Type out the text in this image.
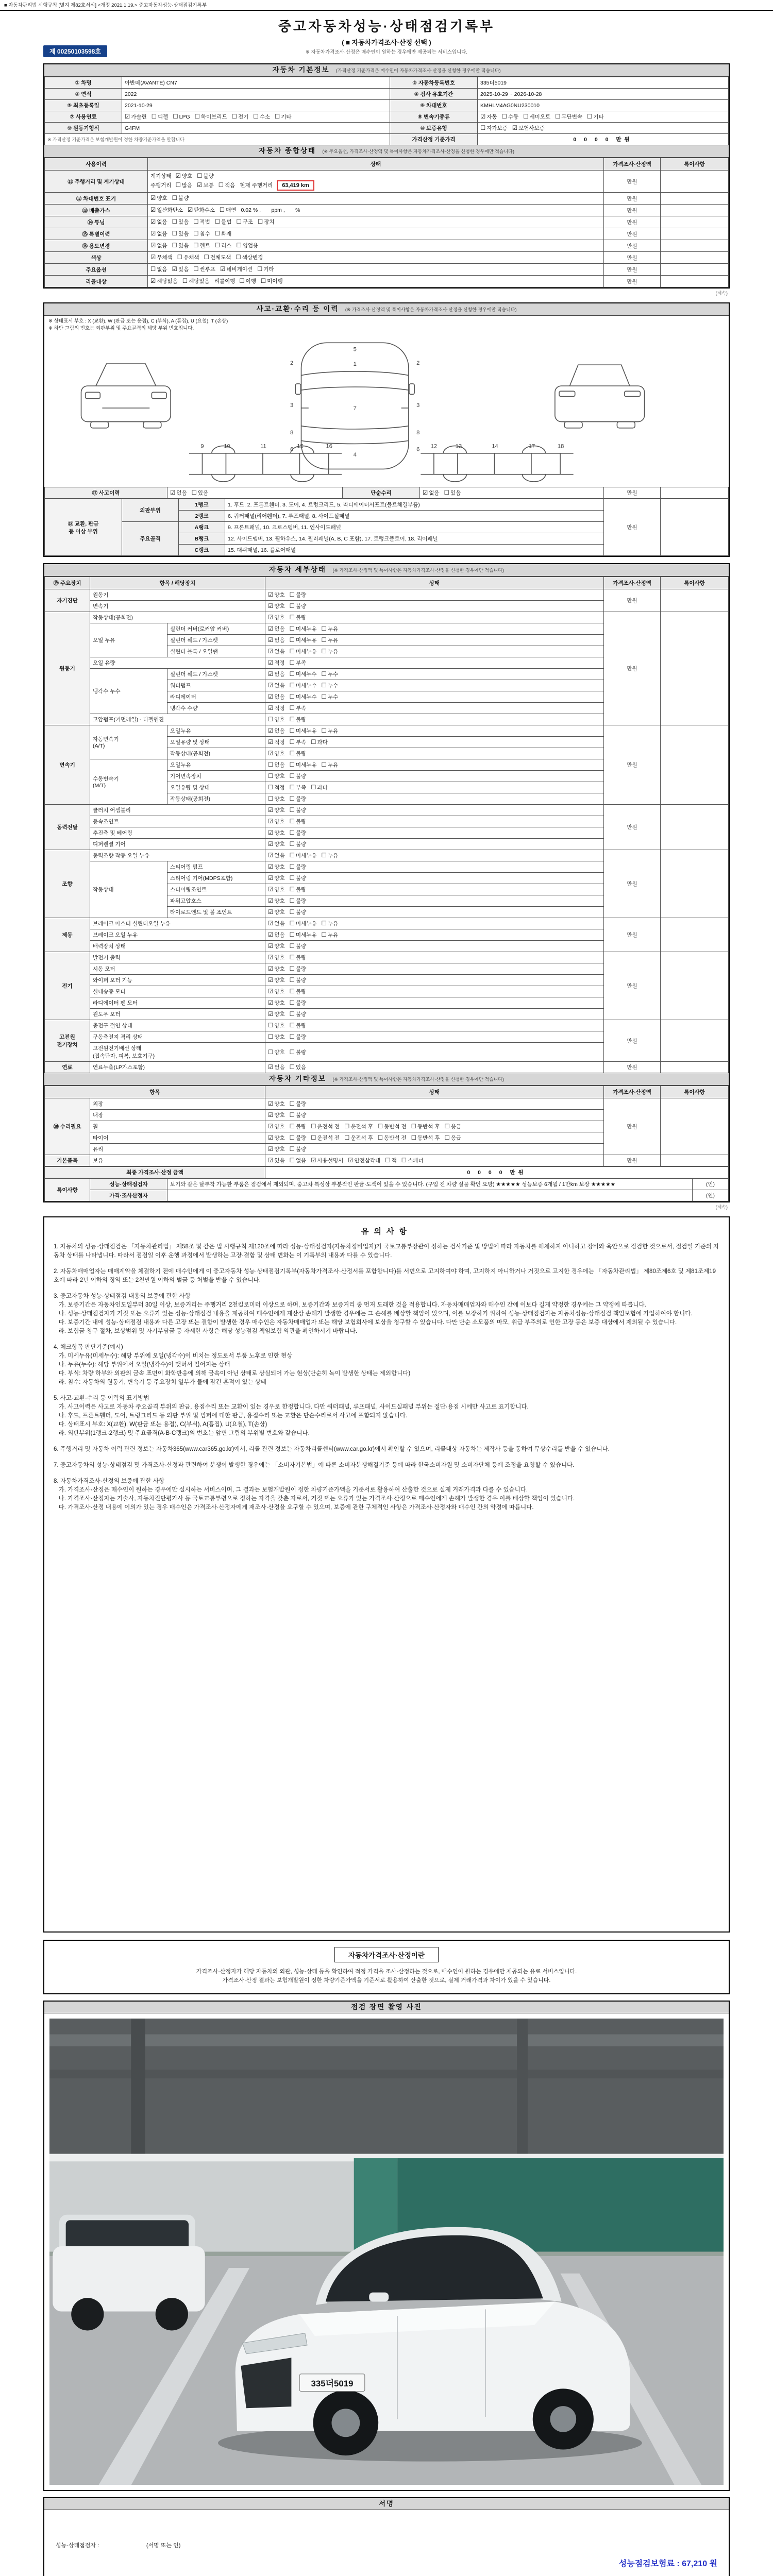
■ 자동차관리법 시행규칙 [별지 제82호서식] <개정 2021.1.19.> 중고자동차성능·상태점검기록부
중고자동차성능·상태점검기록부
( ■ 자동차가격조사·산정 선택 )
※ 자동차가격조사·산정은 매수인이 원하는 경우에만 제공되는 서비스입니다.
제 00250103598호
자동차 기본정보 (가격산정 기준가격은 매수인이 자동차가격조사·산정을 신청한 경우에만 적습니다)
① 차명	아반떼(AVANTE) CN7	② 자동차등록번호	335더5019
③ 연식	2022	④ 검사 유효기간	2025-10-29 ~ 2026-10-28
⑤ 최초등록일	2021-10-29	⑥ 차대번호	KMHLM4AG0NU230010
⑦ 사용연료	☑ 가솔린 ☐ 디젤 ☐ LPG ☐ 하이브리드 ☐ 전기 ☐ 수소 ☐ 기타	⑧ 변속기종류	☑ 자동 ☐ 수동 ☐ 세미오토 ☐ 무단변속 ☐ 기타
⑨ 원동기형식	G4FM	⑩ 보증유형	☐ 자가보증 ☑ 보험사보증
※ 가격산정 기준가격은 보험개발원이 정한 차량기준가액을 말합니다		가격산정 기준가격	0 0 0 0 만원
자동차 종합상태 (※ 주요옵션, 가격조사·산정액 및 특이사항은 자동차가격조사·산정을 신청한 경우에만 적습니다)
사용이력	상태	가격조사·산정액	특이사항
⑪ 주행거리 및 계기상태	계기상태 ☑ 양호 ☐ 불량
주행거리 ☐ 많음 ☑ 보통 ☐ 적음 현재 주행거리 63,419 km	만원	
⑫ 차대번호 표기	☑ 양호 ☐ 불량	만원	
⑬ 배출가스	☑ 일산화탄소 ☑ 탄화수소 ☐ 매연 0.02 % ,       ppm ,       %	만원	
⑭ 튜닝	☑ 없음 ☐ 있음 ☐ 적법 ☐ 불법 ☐ 구조 ☐ 장치	만원	
⑮ 특별이력	☑ 없음 ☐ 있음 ☐ 침수 ☐ 화재	만원	
⑯ 용도변경	☑ 없음 ☐ 있음 ☐ 렌트 ☐ 리스 ☐ 영업용	만원	
색상	☑ 무채색 ☐ 유채색 ☐ 전체도색 ☐ 색상변경	만원	
주요옵션	☐ 없음 ☑ 있음 ☐ 썬루프 ☑ 네비게이션 ☐ 기타	만원	
리콜대상	☑ 해당없음 ☐ 해당있음 리콜이행 ☐ 이행 ☐ 미이행	만원	
(계속)
사고·교환·수리 등 이력 (※ 가격조사·산정액 및 특이사항은 자동차가격조사·산정을 신청한 경우에만 적습니다)
※ 상태표시 부호 : X (교환), W (판금 또는 용접), C (부식), A (흠집), U (요철), T (손상)
※ 하단 그림의 번호는 외판부위 및 주요골격의 해당 부위 번호입니다.
5
1
2	2
3	3
7
8	8
6	6
4
9	10	11	15	16	12	13	14	17	18
⑰ 사고이력	☑ 없음 ☐ 있음	단순수리	☑ 없음 ☐ 있음	만원	
⑱ 교환, 판금
등 이상 부위	외판부위	1랭크	1. 후드, 2. 프론트휀더, 3. 도어, 4. 트렁크리드, 5. 라디에이터서포트(볼트체결부품)	만원	
		2랭크	6. 쿼터패널(리어휀더), 7. 루프패널, 8. 사이드실패널		
	주요골격	A랭크	9. 프론트패널, 10. 크로스멤버, 11. 인사이드패널		
		B랭크	12. 사이드멤버, 13. 휠하우스, 14. 필러패널(A, B, C 포함), 17. 트렁크플로어, 18. 리어패널		
		C랭크	15. 대쉬패널, 16. 플로어패널		
자동차 세부상태 (※ 가격조사·산정액 및 특이사항은 자동차가격조사·산정을 신청한 경우에만 적습니다)
⑲ 주요장치	항목 / 해당장치		상태	가격조사·산정액	특이사항
자기진단	원동기		☑ 양호 ☐ 불량	만원	
	변속기		☑ 양호 ☐ 불량		
원동기	작동상태(공회전)		☑ 양호 ☐ 불량	만원	
	오일 누유	실린더 커버(로커암 커버)	☑ 없음 ☐ 미세누유 ☐ 누유		
		실린더 헤드 / 가스켓	☑ 없음 ☐ 미세누유 ☐ 누유		
		실린더 블록 / 오일팬	☑ 없음 ☐ 미세누유 ☐ 누유		
	오일 유량		☑ 적정 ☐ 부족		
	냉각수 누수	실린더 헤드 / 가스켓	☑ 없음 ☐ 미세누수 ☐ 누수		
		워터펌프	☑ 없음 ☐ 미세누수 ☐ 누수		
		라디에이터	☑ 없음 ☐ 미세누수 ☐ 누수		
		냉각수 수량	☑ 적정 ☐ 부족		
	고압펌프(커먼레일) - 디젤엔진		☐ 양호 ☐ 불량		
변속기	자동변속기
(A/T)	오일누유	☑ 없음 ☐ 미세누유 ☐ 누유	만원	
		오일유량 및 상태	☑ 적정 ☐ 부족 ☐ 과다		
		작동상태(공회전)	☑ 양호 ☐ 불량		
	수동변속기
(M/T)	오일누유	☐ 없음 ☐ 미세누유 ☐ 누유		
		기어변속장치	☐ 양호 ☐ 불량		
		오일유량 및 상태	☐ 적정 ☐ 부족 ☐ 과다		
		작동상태(공회전)	☐ 양호 ☐ 불량		
동력전달	클러치 어셈블리		☑ 양호 ☐ 불량	만원	
	등속조인트		☑ 양호 ☐ 불량		
	추진축 및 베어링		☑ 양호 ☐ 불량		
	디퍼렌셜 기어		☑ 양호 ☐ 불량		
조향	동력조향 작동 오일 누유		☑ 없음 ☐ 미세누유 ☐ 누유	만원	
	작동상태	스티어링 펌프	☑ 양호 ☐ 불량		
		스티어링 기어(MDPS포함)	☑ 양호 ☐ 불량		
		스티어링조인트	☑ 양호 ☐ 불량		
		파워고압호스	☑ 양호 ☐ 불량		
		타이로드엔드 및 볼 조인트	☑ 양호 ☐ 불량		
제동	브레이크 마스터 실린더오일 누유		☑ 없음 ☐ 미세누유 ☐ 누유	만원	
	브레이크 오일 누유		☑ 없음 ☐ 미세누유 ☐ 누유		
	배력장치 상태		☑ 양호 ☐ 불량		
전기	발전기 출력		☑ 양호 ☐ 불량	만원	
	시동 모터		☑ 양호 ☐ 불량		
	와이퍼 모터 기능		☑ 양호 ☐ 불량		
	실내송풍 모터		☑ 양호 ☐ 불량		
	라디에이터 팬 모터		☑ 양호 ☐ 불량		
	윈도우 모터		☑ 양호 ☐ 불량		
고전원
전기장치	충전구 절연 상태		☐ 양호 ☐ 불량	만원	
	구동축전지 격리 상태		☐ 양호 ☐ 불량		
	고전원전기배선 상태
(접속단자, 피복, 보호기구)		☐ 양호 ☐ 불량		
연료	연료누출(LP가스포함)		☑ 없음 ☐ 있음	만원	
자동차 기타정보 (※ 가격조사·산정액 및 특이사항은 자동차가격조사·산정을 신청한 경우에만 적습니다)
항목		상태	가격조사·산정액	특이사항
⑳ 수리필요	외장	☑ 양호 ☐ 불량	만원	
	내장	☑ 양호 ☐ 불량		
	휠	☑ 양호 ☐ 불량 ☐ 운전석 전 ☐ 운전석 후 ☐ 동반석 전 ☐ 동반석 후 ☐ 응급		
	타이어	☑ 양호 ☐ 불량 ☐ 운전석 전 ☐ 운전석 후 ☐ 동반석 전 ☐ 동반석 후 ☐ 응급		
	유리	☑ 양호 ☐ 불량		
기본품목	보유	☑ 있음 ☐ 없음 ☑ 사용설명서 ☑ 안전삼각대 ☐ 잭 ☐ 스패너	만원	
최종 가격조사·산정 금액	0 0 0 0 만원
특이사항	성능·상태점검자	보기와 같은 탈부착 가능한 부품은 점검에서 제외되며, 중고차 특성상 부분적인 판금·도색이 있을 수 있습니다. (구입 전 차량 실물 확인 요망) ★★★★★ 성능보증 6개월 / 1만km 보장 ★★★★★	(인)
	가격·조사산정자		(인)
(계속)
유의사항
1. 자동차의 성능·상태점검은 「자동차관리법」 제58조 및 같은 법 시행규칙 제120조에 따라 성능·상태점검자(자동차정비업자)가 국토교통부장관이 정하는 검사기준 및 방법에 따라 자동차를 해체하지 아니하고 장비와 육안으로 점검한 것으로서, 점검일 기준의 자동차 상태를 나타냅니다. 따라서 점검일 이후 운행 과정에서 발생하는 고장·결함 및 상태 변화는 이 기록부의 내용과 다를 수 있습니다.
2. 자동차매매업자는 매매계약을 체결하기 전에 매수인에게 이 중고자동차 성능·상태점검기록부(자동차가격조사·산정서를 포함합니다)를 서면으로 고지하여야 하며, 고지하지 아니하거나 거짓으로 고지한 경우에는 「자동차관리법」 제80조제6호 및 제81조제19호에 따라 2년 이하의 징역 또는 2천만원 이하의 벌금 등 처벌을 받을 수 있습니다.
3. 중고자동차 성능·상태점검 내용의 보증에 관한 사항
가. 보증기간은 자동차인도일부터 30일 이상, 보증거리는 주행거리 2천킬로미터 이상으로 하며, 보증기간과 보증거리 중 먼저 도래한 것을 적용합니다. 자동차매매업자와 매수인 간에 이보다 길게 약정한 경우에는 그 약정에 따릅니다.
나. 성능·상태점검자가 거짓 또는 오류가 있는 성능·상태점검 내용을 제공하여 매수인에게 재산상 손해가 발생한 경우에는 그 손해를 배상할 책임이 있으며, 이를 보장하기 위하여 성능·상태점검자는 자동차성능·상태점검 책임보험에 가입하여야 합니다.
다. 보증기간 내에 성능·상태점검 내용과 다른 고장 또는 결함이 발생한 경우 매수인은 자동차매매업자 또는 해당 보험회사에 보상을 청구할 수 있습니다. 다만 단순 소모품의 마모, 취급 부주의로 인한 고장 등은 보증 대상에서 제외될 수 있습니다.
라. 보험금 청구 절차, 보상범위 및 자기부담금 등 자세한 사항은 해당 성능점검 책임보험 약관을 확인하시기 바랍니다.
4. 체크항목 판단기준(예시)
가. 미세누유(미세누수): 해당 부위에 오일(냉각수)이 비치는 정도로서 부품 노후로 인한 현상
나. 누유(누수): 해당 부위에서 오일(냉각수)이 맺혀서 떨어지는 상태
다. 부식: 차량 하부와 외판의 금속 표면이 화학반응에 의해 금속이 아닌 상태로 상실되어 가는 현상(단순히 녹이 발생한 상태는 제외합니다)
라. 침수: 자동차의 원동기, 변속기 등 주요장치 일부가 물에 잠긴 흔적이 있는 상태
5. 사고·교환·수리 등 이력의 표기방법
가. 사고이력은 사고로 자동차 주요골격 부위의 판금, 용접수리 또는 교환이 있는 경우로 한정합니다. 다만 쿼터패널, 루프패널, 사이드실패널 부위는 절단·용접 시에만 사고로 표기합니다.
나. 후드, 프론트휀더, 도어, 트렁크리드 등 외판 부위 및 범퍼에 대한 판금, 용접수리 또는 교환은 단순수리로서 사고에 포함되지 않습니다.
다. 상태표시 부호: X(교환), W(판금 또는 용접), C(부식), A(흠집), U(요철), T(손상)
라. 외판부위(1랭크·2랭크) 및 주요골격(A·B·C랭크)의 번호는 앞면 그림의 부위별 번호와 같습니다.
6. 주행거리 및 자동차 이력 관련 정보는 자동차365(www.car365.go.kr)에서, 리콜 관련 정보는 자동차리콜센터(www.car.go.kr)에서 확인할 수 있으며, 리콜대상 자동차는 제작사 등을 통하여 무상수리를 받을 수 있습니다.
7. 중고자동차의 성능·상태점검 및 가격조사·산정과 관련하여 분쟁이 발생한 경우에는 「소비자기본법」에 따른 소비자분쟁해결기준 등에 따라 한국소비자원 및 소비자단체 등에 조정을 요청할 수 있습니다.
8. 자동차가격조사·산정의 보증에 관한 사항
가. 가격조사·산정은 매수인이 원하는 경우에만 실시하는 서비스이며, 그 결과는 보험개발원이 정한 차량기준가액을 기준서로 활용하여 산출한 것으로 실제 거래가격과 다를 수 있습니다.
나. 가격조사·산정자는 기술사, 자동차진단평가사 등 국토교통부령으로 정하는 자격을 갖춘 자로서, 거짓 또는 오류가 있는 가격조사·산정으로 매수인에게 손해가 발생한 경우 이를 배상할 책임이 있습니다.
다. 가격조사·산정 내용에 이의가 있는 경우 매수인은 가격조사·산정자에게 재조사·산정을 요구할 수 있으며, 보증에 관한 구체적인 사항은 가격조사·산정자와 매수인 간의 약정에 따릅니다.
자동차가격조사·산정이란
가격조사·산정자가 해당 자동차의 외관, 성능·상태 등을 확인하여 적정 가격을 조사·산정하는 것으로, 매수인이 원하는 경우에만 제공되는 유료 서비스입니다.
가격조사·산정 결과는 보험개발원이 정한 차량기준가액을 기준서로 활용하여 산출한 것으로, 실제 거래가격과 차이가 있을 수 있습니다.
점검 장면 촬영 사진
335더5019
서명

성능·상태점검자 :                              (서명 또는 인)

성능점검보험료 : 67,210 원
